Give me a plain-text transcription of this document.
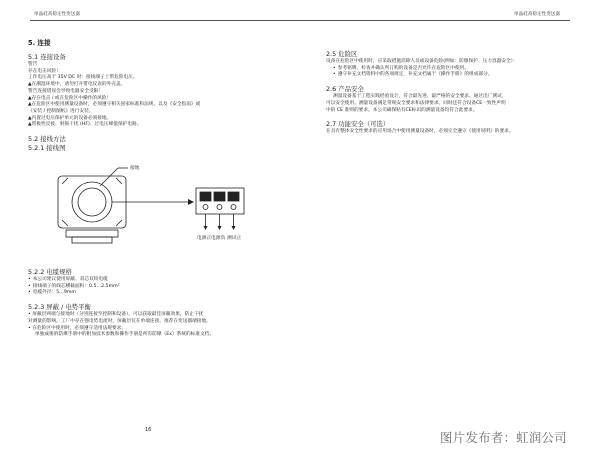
单晶硅高稳定性变送器	单晶硅高稳定性变送器
5. 连接
5.1 连接设备

警告

存在电击风险！

工作电压高于 35V DC 时：接线端子上带危险电压。

▲在潮湿环境中，请勿打开带电仪表的外壳盖。

警告连接错误会导致电器安全受限！

▲存在电击 / 或在危险区中操作的风险！

▲在危险区中使用测量设备时，必须遵守相关国家标准和法规，以及《安全指南》或

《安装 / 控制图纸》进行安装。

▲内置过电压保护单元的设备必须接地。

▲带极性反接、射频干扰 (HF)、过电压峰值保护电路。

5.2 接线方法
5.2.1 接线图
接地
电源正 电源负 测试正
5.2.2 电缆规格

• 本公司建议使用屏蔽、双芯双绞电缆

• 接线端子的线芯横截面积：0.5…2.5mm²

• 电缆外径：5…9mm

5.2.3 屏蔽 / 电势平衡

• 屏蔽层两端与接地时（分别连接至控制和设备），可以获取最佳屏蔽效果，防止干扰

对测量的影响。工厂中存在强电势电流时，屏蔽层仅在单端连接，推荐在变送器端接地。

• 在危险区中使用时，必须遵守适用法规要求。

单独成册的防爆手册中的附加技术参数和操作手册是所有防爆（Ex）系统的标准文档。

2.5 危险区

设备在危险区中使用时，应采取措施消除人员或设备危险(例如：防爆保护、压力容器安全）：

• 参考铭牌，检查并确认所订购的设备是否允许在危险区中使用。

• 遵守补充文档资料中的各项规定，补充文档属于《操作手册》的组成部分。

2.6 产品安全

测量设备基于工程实践经验设计，符合最先进、最严格的安全要求。通过出厂测试，

可以安全使用。测量设备满足常规安全要求和法律要求。同时还符合设备CE一致性声明

中的 CE 准则的要求。本公司确保贴有CE标识的测量设备均符合此要求。

2.7 功能安全（可选）

在具有整体安全性要求的应用场合中使用测量设备时，必须完全遵守《使用说明》的要求。

16	图片发布者：虹润公司
